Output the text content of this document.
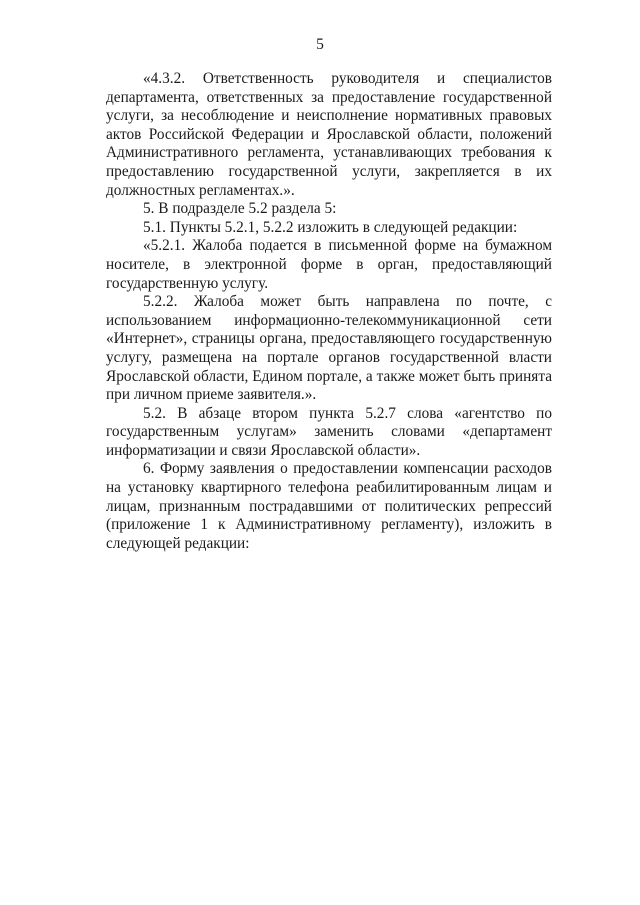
5

«4.3.2. Ответственность руководителя и специалистов департамента, ответственных за предоставление государственной услуги, за несоблюдение и неисполнение нормативных правовых актов Российской Федерации и Ярославской области, положений Административного регламента, устанавливающих требования к предоставлению государственной услуги, закрепляется в их должностных регламентах.».

5. В подразделе 5.2 раздела 5:

5.1. Пункты 5.2.1, 5.2.2 изложить в следующей редакции:

«5.2.1. Жалоба подается в письменной форме на бумажном носителе, в электронной форме в орган, предоставляющий государственную услугу.

5.2.2. Жалоба может быть направлена по почте, с использованием информационно-телекоммуникационной сети «Интернет», страницы органа, предоставляющего государственную услугу, размещена на портале органов государственной власти Ярославской области, Едином портале, а также может быть принята при личном приеме заявителя.».

5.2. В абзаце втором пункта 5.2.7 слова «агентство по государственным услугам» заменить словами «департамент информатизации и связи Ярославской области».

6. Форму заявления о предоставлении компенсации расходов на установку квартирного телефона реабилитированным лицам и лицам, признанным пострадавшими от политических репрессий (приложение 1 к Административному регламенту), изложить в следующей редакции:
